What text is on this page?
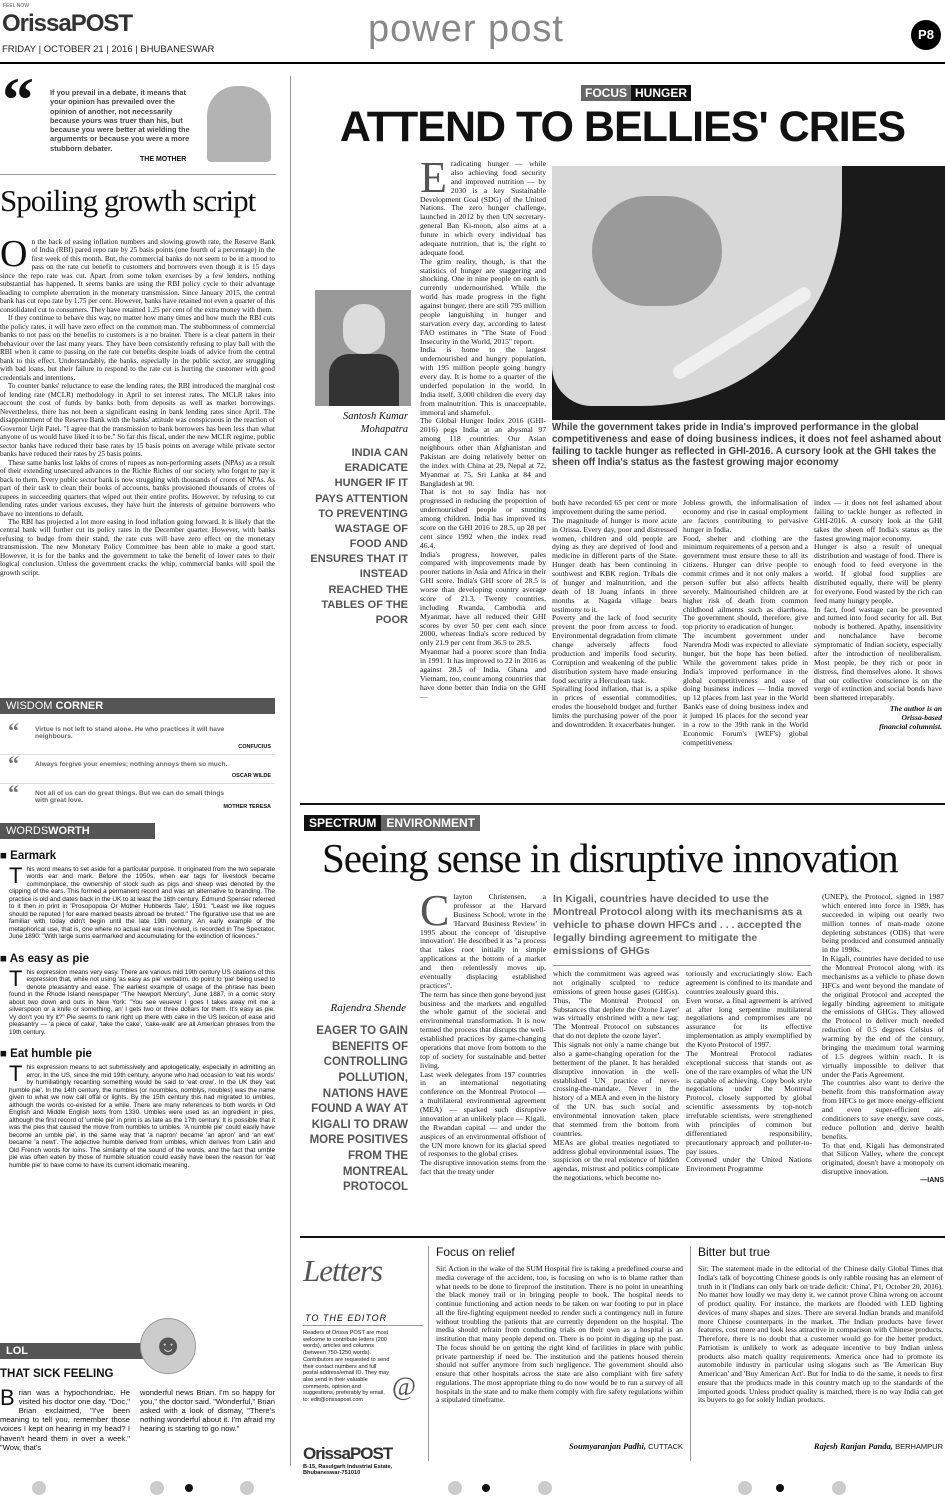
FEEL NOW
OrissaPOST
FRIDAY | OCTOBER 21 | 2016 | BHUBANESWAR	power post	P8
“ If you prevail in a debate, it means that your opinion has prevailed over the opinion of another, not necessarily because yours was truer than his, but because you were better at wielding the arguments or because you were a more stubborn debater.
THE MOTHER
Spoiling growth script
On the back of easing inflation numbers and slowing growth rate, the Reserve Bank of India (RBI) pared repo rate by 25 basis points (one fourth of a percentage) in the first week of this month. But, the commercial banks do not seem to be in a mood to pass on the rate cut benefit to customers and borrowers even though it is 15 days since the repo rate was cut. Apart from some token exercises by a few lenders, nothing substantial has happened. It seems banks are using the RBI policy cycle to their advantage leading to complete aberration in the monetary transmission. Since January 2015, the central bank has cut repo rate by 1.75 per cent. However, banks have retained not even a quarter of this consolidated cut to consumers. They have retained 1.25 per cent of the extra money with them.

If they continue to behave this way, no matter how many times and how much the RBI cuts the policy rates, it will have zero effect on the common man. The stubbornness of commercial banks to not pass on the benefits to customers is a no brainer. There is a clear pattern in their behaviour over the last many years. They have been consistently refusing to play ball with the RBI when it came to passing on the rate cut benefits despite loads of advice from the central bank to this effect. Understandably, the banks, especially in the public sector, are struggling with bad loans, but their failure to respond to the rate cut is hurting the customer with good credentials and intentions.

To counter banks' reluctance to ease the lending rates, the RBI introduced the marginal cost of lending rate (MCLR) methodology in April to set interest rates. The MCLR takes into account the cost of funds by banks both from deposits as well as market borrowings. Nevertheless, there has not been a significant easing in bank lending rates since April. The disappointment of the Reserve Bank with the banks' attitude was conspicuous in the reaction of Governor Urjit Patel. "I agree that the transmission to bank borrowers has been less than what anyone of us would have liked it to be." So far this fiscal, under the new MCLR regime, public sector banks have reduced their base rates by 15 basis points on average while private sector banks have reduced their rates by 25 basis points.

These same banks lost lakhs of crores of rupees as non-performing assets (NPAs) as a result of their extending unsecured advances to the Richie Riches of our society who forget to pay it back to them. Every public sector bank is now struggling with thousands of crores of NPAs. As part of their task to clean their books of accounts, banks provisioned thousands of crores of rupees in succeeding quarters that wiped out their entire profits. However, by refusing to cut lending rates under various excuses, they have hurt the interests of genuine borrowers who have no intentions to default.

The RBI has projected a lot more easing in food inflation going forward. It is likely that the central bank will further cut its policy rates in the December quarter. However, with banks refusing to budge from their stand, the rate cuts will have zero effect on the monetary transmission. The new Monetary Policy Committee has been able to make a good start. However, it is for the banks and the government to take the benefit of lower rates to their logical conclusion. Unless the government cracks the whip, commercial banks will spoil the growth script.

WISDOM CORNER
“ Virtue is not left to stand alone. He who practices it will have neighbours.
CONFUCIUS
“ Always forgive your enemies; nothing annoys them so much.
OSCAR WILDE
“ Not all of us can do great things. But we can do small things with great love.
MOTHER TERESA
WORDSWORTH
■ Earmark
This word means to set aside for a particular purpose. It originated from the two separate words ear and mark. Before the 1950s, when ear tags for livestock became commonplace, the ownership of stock such as pigs and sheep was denoted by the clipping of the ears. This formed a permanent record and was an alternative to branding. The practice is old and dates back in the UK to at least the 16th century. Edmund Spenser referred to it then in print in 'Prosopopoia Or Mother Hubberds Tale', 1591: "Least we like rogues should be reputed | for eare marked beasts abroad be bruted." The figurative use that we are familiar with today didn't begin until the late 19th century. An early example of the metaphorical use, that is, one where no actual ear was involved, is recorded in The Spectator, June 1890: "With large sums earmarked and accumulating for the extinction of licences."
■ As easy as pie
This expression means very easy. There are various mid 19th century US citations of this expression that, while not using 'as easy as pie' verbatim, do point to 'pie' being used to denote pleasantry and ease. The earliest example of usage of the phrase has been found in the Rhode Island newspaper "The Newport Mercury", June 1887, in a comic story about two down and outs in New York: "You see veuever I goes I takes away mit me a silverspoon or a knife or something, an' I gets two or three dollars for them. It's easy as pie. Vy don't you try it?" Pie seems to rank right up there with cake in the US lexicon of ease and pleasantry — 'a piece of cake', 'take the cake', 'cake-walk' are all American phrases from the 19th century.
■ Eat humble pie
This expression means to act submissively and apologetically, especially in admitting an error. In the US, since the mid 19th century, anyone who had occasion to 'eat his words' by humiliatingly recanting something would be said to 'eat crow'. In the UK they 'eat humble pie'. In the 14th century, the numbles (or noumbles, nomblys, noubles) was the name given to what we now call offal or lights. By the 15th century this had migrated to umbles, although the words co-existed for a while. There are many references to both words in Old English and Middle English texts from 1330. Umbles were used as an ingredient in pies, although the first record of 'umble pie' in print is as late as the 17th century. It is possible that it was the pies that caused the move from numbles to umbles. 'A numble pie' could easily have become an umble pie', in the same way that 'a napron' became 'an apron' and 'an ewt' became 'a newt'. The adjective humble derived from umbles, which derives from Latin and Old French words for loins. The similarity of the sound of the words, and the fact that umble pie was often eaten by those of humble situation could easily have been the reason for 'eat humble pie' to have come to have its current idiomatic meaning.
LOL	☻
THAT SICK FEELING
Brian was a hypochondriac. He visited his doctor one day. "Doc," Brian exclaimed, "I've been meaning to tell you, remember those voices I kept on hearing in my head? I haven't heard them in over a week." "Wow, that's
wonderful news Brian. I'm so happy for you," the doctor said. "Wonderful," Brian asked with a look of dismay, "There's nothing wonderful about it. I'm afraid my hearing is starting to go now."
FOCUS HUNGER
ATTEND TO BELLIES' CRIES
Eradicating hunger — while also achieving food security and improved nutrition — by 2030 is a key Sustainable Development Goal (SDG) of the United Nations. The zero hunger challenge, launched in 2012 by then UN secretary-general Ban Ki-moon, also aims at a future in which every individual has adequate nutrition, that is, the right to adequate food.
The grim reality, though, is that the statistics of hunger are staggering and shocking. One in nine people on earth is currently undernourished. While the world has made progress in the fight against hunger, there are still 795 million people languishing in hunger and starvation every day, according to latest FAO estimates in "The State of Food Insecurity in the World, 2015" report.
India is home to the largest undernourished and hungry population, with 195 million people going hungry every day. It is home to a quarter of the underfed population in the world. In India itself, 3,000 children die every day from malnutrition. This is unacceptable, immoral and shameful.
The Global Hunger Index 2016 (GHI-2016) pegs India at an abysmal 97 among 118 countries. Our Asian neighbours other than Afghanistan and Pakistan are doing relatively better on the index with China at 29, Nepal at 72, Myanmar at 75, Sri Lanka at 84 and Bangladesh at 90.
That is not to say India has not progressed in reducing the proportion of undernourished people or stunting among children. India has improved its score on the GHI 2016 to 28.5, up 28 per cent since 1992 when the index read 46.4.
India's progress, however, pales compared with improvements made by poorer nations in Asia and Africa in their GHI score. India's GHI score of 28.5 is worse than developing country average score of 21.3. Twenty countries, including Rwanda, Cambodia and Myanmar, have all reduced their GHI scores by over 50 per cent each since 2000, whereas India's score reduced by only 21.9 per cent from 36.5 to 28.5.
Myanmar had a poorer score than India in 1991. It has improved to 22 in 2016 as against 28.5 of India. Ghana and Vietnam, too, count among countries that have done better than India on the GHI —
Santosh Kumar Mohapatra
INDIA CAN ERADICATE HUNGER IF IT PAYS ATTENTION TO PREVENTING WASTAGE OF FOOD AND ENSURES THAT IT INSTEAD REACHED THE TABLES OF THE POOR
While the government takes pride in India's improved performance in the global competitiveness and ease of doing business indices, it does not feel ashamed about failing to tackle hunger as reflected in GHI-2016. A cursory look at the GHI takes the sheen off India's status as the fastest growing major economy
both have recorded 65 per cent or more improvement during the same period.
The magnitude of hunger is more acute in Orissa. Every day, poor and distressed women, children and old people are dying as they are deprived of food and medicine in different parts of the State. Hunger death has been continuing in southwest and KBK region. Tribals die of hunger and malnutrition, and the death of 18 Juang infants in three months at Nagada village bears testimony to it.
Poverty and the lack of food security prevent the poor from access to food. Environmental degradation from climate change adversely affects food production and imperils food security. Corruption and weakening of the public distribution system have made ensuring food security a Herculean task.
Spiralling food inflation, that is, a spike in prices of essential commodities, erodes the household budget and further limits the purchasing power of the poor and downtrodden. It exacerbates hunger.
Jobless growth, the informalisation of economy and rise in casual employment are factors contributing to pervasive hunger in India.
Food, shelter and clothing are the minimum requirements of a person and a government must ensure these to all its citizens. Hunger can drive people to commit crimes and it not only makes a person suffer but also affects health severely. Malnourished children are at higher risk of death from common childhood ailments such as diarrhoea. The government should, therefore, give top priority to eradication of hunger.
The incumbent government under Narendra Modi was expected to alleviate hunger, but the hope has been belied. While the government takes pride in India's improved performance in the global competitiveness and ease of doing business indices — India moved up 12 places from last year in the World Bank's ease of doing business index and it jumped 16 places for the second year in a row to the 39th rank in the World Economic Forum's (WEF's) global competitiveness
index — it does not feel ashamed about failing to tackle hunger as reflected in GHI-2016. A cursory look at the GHI takes the sheen off India's status as the fastest growing major economy.
Hunger is also a result of unequal distribution and wastage of food. There is enough food to feed everyone in the world. If global food supplies are distributed equally, there will be plenty for everyone. Food wasted by the rich can feed many hungry people.
In fact, food wastage can be prevented and turned into food security for all. But nobody is bothered. Apathy, insensitivity and nonchalance have become symptomatic of Indian society, especially after the introduction of neoliberalism. Most people, be they rich or poor in distress, find themselves alone. It shows that our collective conscience is on the verge of extinction and social bonds have been shattered irreparably.
The author is an
Orissa-based
financial columnist.
SPECTRUM ENVIRONMENT
Seeing sense in disruptive innovation
Clayton Christensen, a professor at the Harvard Business School, wrote in the 'Harvard Business Review' in 1995 about the concept of 'disruptive innovation'. He described it as "a process that takes root initially in simple applications at the bottom of a market and then relentlessly moves up, eventually displacing established practices".
The term has since then gone beyond just business and the markets and engulfed the whole gamut of the societal and environmental transformation. It is now termed the process that disrupts the well-established practices by game-changing operations that move from bottom to the top of society for sustainable and better living.
Last week delegates from 197 countries in an international negotiating conference on the Montreal Protocol — a multilateral environmental agreement (MEA) — sparked such disruptive innovation at an unlikely place — Kigali, the Rwandan capital — and under the auspices of an environmental offshoot of the UN more known for its glacial speed of responses to the global crises.
The disruptive innovation stems from the fact that the treaty under
Rajendra Shende
EAGER TO GAIN BENEFITS OF CONTROLLING POLLUTION, NATIONS HAVE FOUND A WAY AT KIGALI TO DRAW MORE POSITIVES FROM THE MONTREAL PROTOCOL
In Kigali, countries have decided to use the Montreal Protocol along with its mechanisms as a vehicle to phase down HFCs and . . . accepted the legally binding agreement to mitigate the emissions of GHGs
which the commitment was agreed was not originally sculpted to reduce emissions of green house gases (GHGs). Thus, 'The Montreal Protocol on Substances that deplete the Ozone Layer' was virtually enshrined with a new tag: 'The Montreal Protocol on substances that do not deplete the ozone layer'.
This signals not only a name change but also a game-changing operation for the betterment of the planet. It has heralded disruptive innovation in the well-established UN practice of never-crossing-the-mandate. Never in the history of a MEA and even in the history of the UN has such social and environmental innovation taken place that stemmed from the bottom from countries.
MEAs are global treaties negotiated to address global environmental issues. The suspicion or the real existence of hidden agendas, mistrust and politics complicate the negotiations, which become no-
toriously and excruciatingly slow. Each agreement is confined to its mandate and countries zealously guard this.
Even worse, a final agreement is arrived at after long serpentine multilateral negotiations and compromises are no assurance for its effective implementation as amply exemplified by the Kyoto Protocol of 1997.
The Montreal Protocol radiates exceptional success that stands out as one of the rare examples of what the UN is capable of achieving. Copy book style negotiations under the Montreal Protocol, closely supported by global scientific assessments by top-notch irrefutable scientists, were strengthened with principles of common but differentiated responsibility, precautionary approach and polluter-to-pay issues.
Convened under the United Nations Environment Programme
(UNEP), the Protocol, signed in 1987 which entered into force in 1989, has succeeded in wiping out nearly two million tonnes of man-made ozone depleting substances (ODS) that were being produced and consumed annually in the 1990s.
In Kigali, countries have decided to use the Montreal Protocol along with its mechanisms as a vehicle to phase down HFCs and went beyond the mandate of the original Protocol and accepted the legally binding agreement to mitigate the emissions of GHGs. They allowed the Protocol to deliver much needed reduction of 0.5 degrees Celsius of warming by the end of the century, bringing the maximum total warming of 1.5 degrees within reach. It is virtually impossible to deliver that under the Paris Agreement.
The countries also want to derive the benefit from this transformation away from HFCs to get more energy-efficient and even super-efficient air-conditioners to save energy, save costs, reduce pollution and derive health benefits.
To that end, Kigali has demonstrated that Silicon Valley, where the concept originated, doesn't have a monopoly on disruptive innovation.
—IANS
Letters
TO THE EDITOR
Readers of Orissa POST are most welcome to contribute letters (200 words), articles and columns (between 750-1250 words). Contributors are requested to send their contact numbers and full postal address/email ID. They may also send in their valuable comments, opinion and suggestions, preferably by email, to: edit@orissapost.com	@
OrissaPOST
B-15, Rasulgarh Industrial Estate, Bhubaneswar-751010
Focus on relief
Sir: Action in the wake of the SUM Hospital fire is taking a predefined course and media coverage of the accident, too, is focusing on who is to blame rather than what needs to be done to fireproof the institution. There is no point in unearthing the black money trail or in bringing people to book. The hospital needs to continue functioning and action needs to be taken on war footing to put in place all the fire-fighting equipment needed to render such a contingency null in future without troubling the patients that are currently dependent on the hospital. The media should refrain from conducting trials on their own as a hospital is an institution that many people depend on. There is no point in digging up the past. The focus should be on getting the right kind of facilities in place with public private partnership if need be. The institution and the patients housed therein should not suffer anymore from such negligence. The government should also ensure that other hospitals across the state are also compliant with fire safety regulations. The most appropriate thing to do now would be to run a survey of all hospitals in the state and to make them comply with fire safety regulations within a stipulated timeframe.
Soumyaranjan Padhi, CUTTACK
Bitter but true
Sir: The statement made in the editorial of the Chinese daily Global Times that India's talk of boycotting Chinese goods is only rabble rousing has an element of truth in it ('Indians can only bark on trade deficit: China', P1, October 20, 2016). No matter how loudly we may deny it, we cannot prove China wrong on account of product quality. For instance, the markets are flooded with LED lighting devices of many shapes and sizes. There are several Indian brands and manifold more Chinese counterparts in the market. The Indian products have fewer features, cost more and look less attractive in comparison with Chinese products. Therefore, there is no doubt that a customer would go for the better product. Patriotism is unlikely to work as adequate incentive to buy Indian unless products also match quality requirements. America once had to promote its automobile industry in particular using slogans such as 'Be American Buy American' and 'Buy American Act'. But for India to do the same, it needs to first ensure that the products made in this country match up to the standards of the imported goods. Unless product quality is matched, there is no way India can get its buyers to go for solely Indian products.
Rajesh Ranjan Panda, BERHAMPUR
